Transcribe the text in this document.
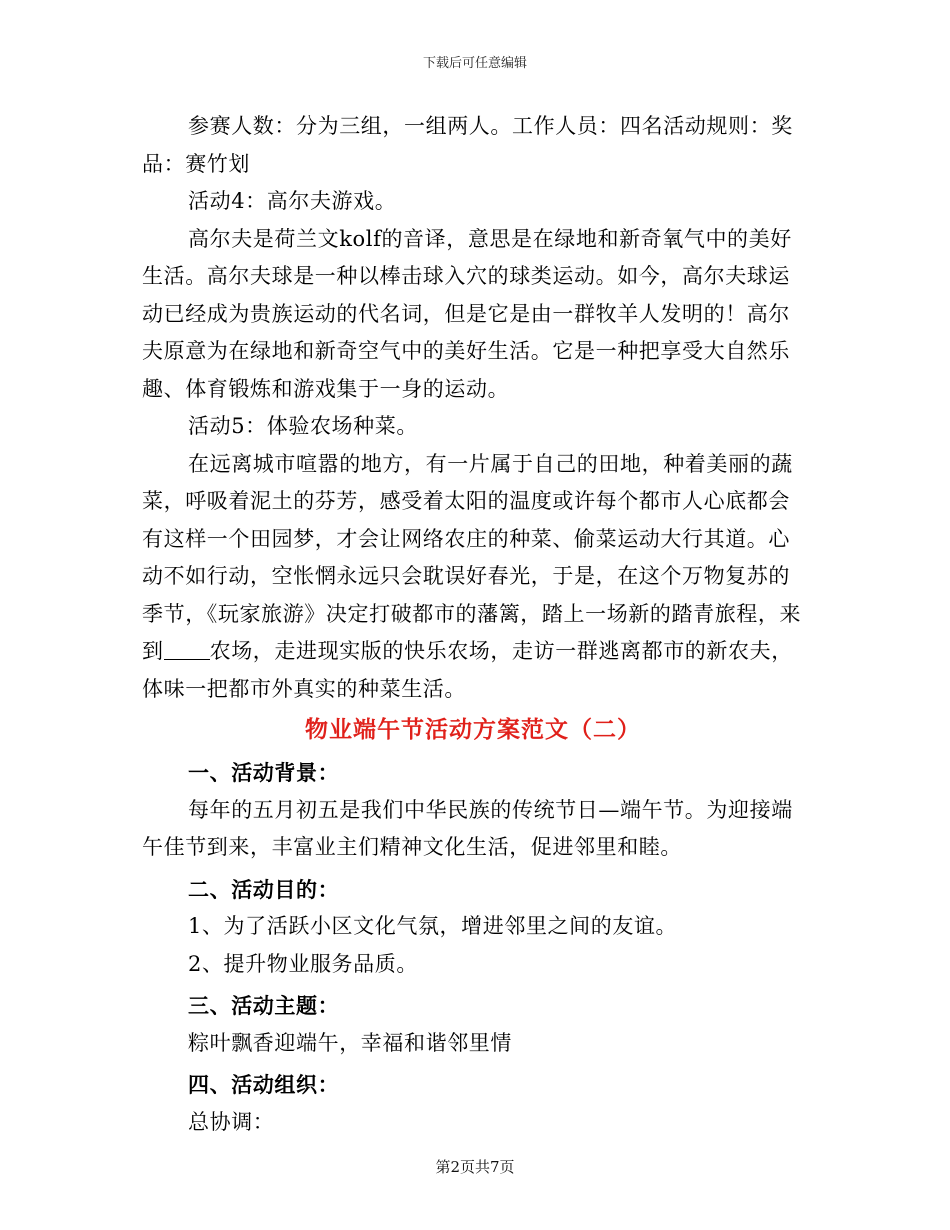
下载后可任意编辑

参赛人数：分为三组，一组两人。工作人员：四名活动规则：奖品：赛竹划

活动4：高尔夫游戏。

高尔夫是荷兰文kolf的音译，意思是在绿地和新奇氧气中的美好生活。高尔夫球是一种以棒击球入穴的球类运动。如今，高尔夫球运动已经成为贵族运动的代名词，但是它是由一群牧羊人发明的！高尔夫原意为在绿地和新奇空气中的美好生活。它是一种把享受大自然乐趣、体育锻炼和游戏集于一身的运动。

活动5：体验农场种菜。

在远离城市喧嚣的地方，有一片属于自己的田地，种着美丽的蔬菜，呼吸着泥土的芬芳，感受着太阳的温度或许每个都市人心底都会有这样一个田园梦，才会让网络农庄的种菜、偷菜运动大行其道。心动不如行动，空怅惘永远只会耽误好春光，于是，在这个万物复苏的季节，《玩家旅游》决定打破都市的藩篱，踏上一场新的踏青旅程，来到 农场，走进现实版的快乐农场，走访一群逃离都市的新农夫，体味一把都市外真实的种菜生活。

物业端午节活动方案范文（二）

一、活动背景：

每年的五月初五是我们中华民族的传统节日—端午节。为迎接端午佳节到来，丰富业主们精神文化生活，促进邻里和睦。

二、活动目的：

1、为了活跃小区文化气氛，增进邻里之间的友谊。

2、提升物业服务品质。

三、活动主题：

粽叶飘香迎端午，幸福和谐邻里情

四、活动组织：

总协调：

第2页共7页
